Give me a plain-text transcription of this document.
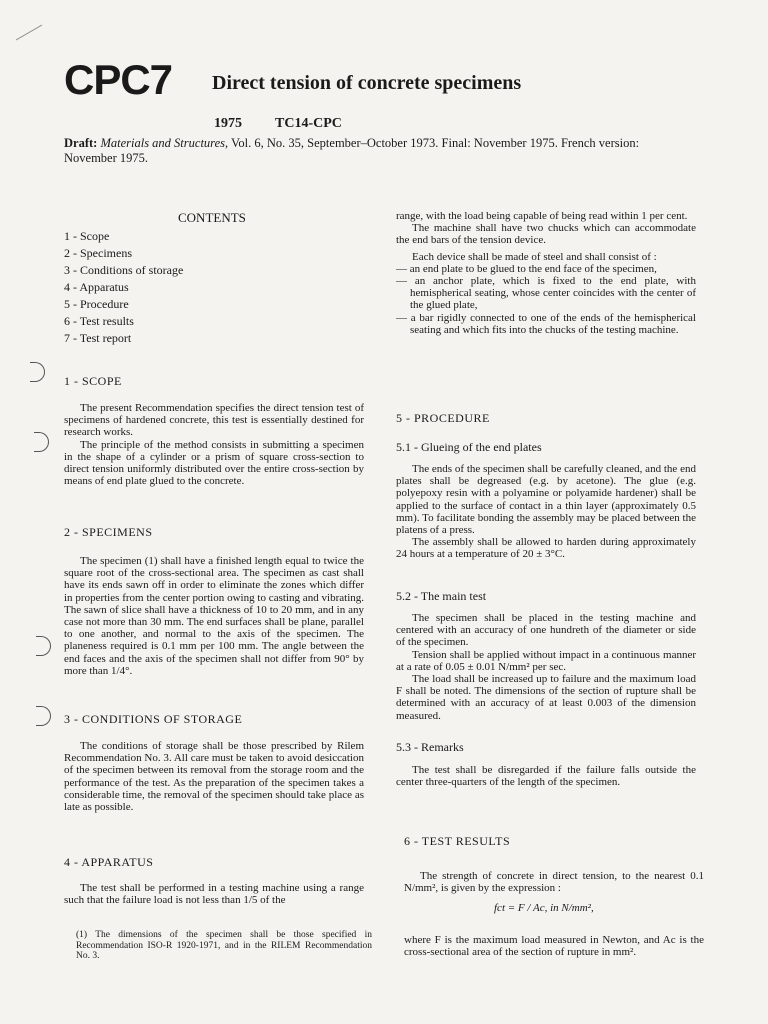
CPC7 Direct tension of concrete specimens
1975 TC14-CPC
Draft: Materials and Structures, Vol. 6, No. 35, September–October 1973. Final: November 1975. French version: November 1975.
CONTENTS
1 - Scope
2 - Specimens
3 - Conditions of storage
4 - Apparatus
5 - Procedure
6 - Test results
7 - Test report
1 - SCOPE

The present Recommendation specifies the direct tension test of specimens of hardened concrete, this test is essentially destined for research works.

The principle of the method consists in submitting a specimen in the shape of a cylinder or a prism of square cross-section to direct tension uniformly distributed over the entire cross-section by means of end plate glued to the concrete.

2 - SPECIMENS

The specimen (1) shall have a finished length equal to twice the square root of the cross-sectional area. The specimen as cast shall have its ends sawn off in order to eliminate the zones which differ in properties from the center portion owing to casting and vibrating. The sawn of slice shall have a thickness of 10 to 20 mm, and in any case not more than 30 mm. The end surfaces shall be plane, parallel to one another, and normal to the axis of the specimen. The planeness required is 0.1 mm per 100 mm. The angle between the end faces and the axis of the specimen shall not differ from 90° by more than 1/4°.

3 - CONDITIONS OF STORAGE

The conditions of storage shall be those prescribed by Rilem Recommendation No. 3. All care must be taken to avoid desiccation of the specimen between its removal from the storage room and the performance of the test. As the preparation of the specimen takes a considerable time, the removal of the specimen should take place as late as possible.

4 - APPARATUS

The test shall be performed in a testing machine using a range such that the failure load is not less than 1/5 of the

(1) The dimensions of the specimen shall be those specified in Recommendation ISO-R 1920-1971, and in the RILEM Recommendation No. 3.

range, with the load being capable of being read within 1 per cent.

The machine shall have two chucks which can accommodate the end bars of the tension device.

Each device shall be made of steel and shall consist of :

— an end plate to be glued to the end face of the specimen,
— an anchor plate, which is fixed to the end plate, with hemispherical seating, whose center coincides with the center of the glued plate,
— a bar rigidly connected to one of the ends of the hemispherical seating and which fits into the chucks of the testing machine.
5 - PROCEDURE
5.1 - Glueing of the end plates

The ends of the specimen shall be carefully cleaned, and the end plates shall be degreased (e.g. by acetone). The glue (e.g. polyepoxy resin with a polyamine or polyamide hardener) shall be applied to the surface of contact in a thin layer (approximately 0.5 mm). To facilitate bonding the assembly may be placed between the platens of a press.

The assembly shall be allowed to harden during approximately 24 hours at a temperature of 20 ± 3°C.

5.2 - The main test

The specimen shall be placed in the testing machine and centered with an accuracy of one hundreth of the diameter or side of the specimen.

Tension shall be applied without impact in a continuous manner at a rate of 0.05 ± 0.01 N/mm² per sec.

The load shall be increased up to failure and the maximum load F shall be noted. The dimensions of the section of rupture shall be determined with an accuracy of at least 0.003 of the dimension measured.

5.3 - Remarks

The test shall be disregarded if the failure falls outside the center three-quarters of the length of the specimen.

6 - TEST RESULTS

The strength of concrete in direct tension, to the nearest 0.1 N/mm², is given by the expression :

fct = F / Ac, in N/mm²,

where F is the maximum load measured in Newton, and Ac is the cross-sectional area of the section of rupture in mm².
